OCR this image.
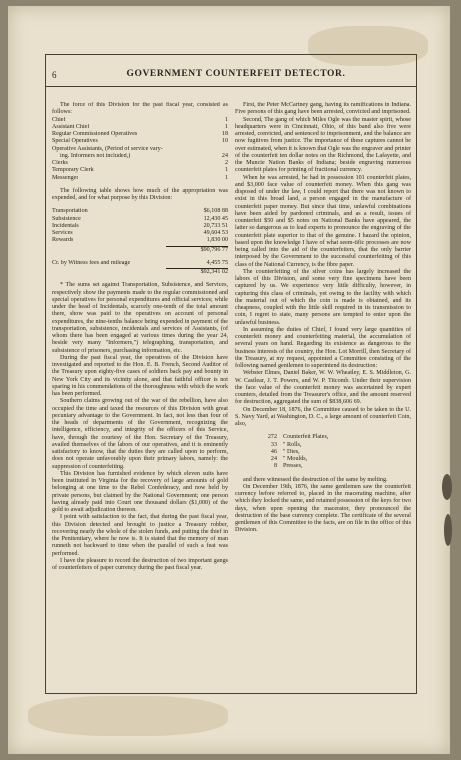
6	GOVERNMENT COUNTERFEIT DETECTOR.

The force of this Division for the past fiscal year, consisted as follows:

Chief	1
Assistant Chief	1
Regular Commissioned Operatives	18
Special Operatives	10
Operative Assistants, (Period of service vary-
ing. Informers not included,)	24
Clerks	2
Temporary Clerk	1
Messenger	1

The following table shows how much of the appropriation was expended, and for what purpose by this Division:

Transportation	$6,108 88
Subsistence	12,430 45
Incidentals	20,733 51
Services	49,604 53
Rewards	1,830 00
$90,796 77
Cr. by Witness fees and mileage	4,455 75
$92,341 02

* The sums set against Transportation, Subsistence, and Services, respectively show the payments made to the regular commissioned and special operatives for personal expenditures and official services; while under the head of Incidentals, scarcely one-tenth of the total amount there, show was paid to the operatives on account of personal expenditures, the nine-tenths balance being expended in payment of the transportation, subsistence, incidentals and services of Assistants, (of whom there has been engaged at various times during the year 24, beside very many "Informers,") telegraphing, transportation, and subsistence of prisoners, purchasing information, etc.

During the past fiscal year, the operatives of the Division have investigated and reported to the Hon. E. B. French, Second Auditor of the Treasury upon eighty-five cases of soldiers back pay and bounty in New York City and its vicinity alone, and that faithful officer is not sparing in his commendations of the thoroughness with which the work has been performed.

Southern claims growing out of the war of the rebellion, have also occupied the time and taxed the resources of this Division with great pecuniary advantage to the Government. In fact, not less than four of the heads of departments of the Government, recognizing the intelligence, efficiency, and integrity of the officers of this Service, have, through the courtesy of the Hon. Secretary of the Treasury, availed themselves of the labors of our operatives, and it is eminently satisfactory to know, that the duties they are called upon to perform, does not operate unfavorably upon their primary labors, namely: the suppression of counterfeiting.

This Division has furnished evidence by which eleven suits have been instituted in Virginia for the recovery of large amounts of gold belonging at one time to the Rebel Confederacy, and now held by private persons, but claimed by the National Government; one person having already paid into Court one thousand dollars ($1,000) of the gold to await adjudication thereon.

I point with satisfaction to the fact, that during the past fiscal year, this Division detected and brought to justice a Treasury robber, recovering nearly the whole of the stolen funds, and putting the thief in the Penitentiary, where he now is. It is stated that the memory of man runneth not backward to time when the parallel of such a feat was performed.

I have the pleasure to record the destruction of two important gangs of counterfeiters of paper currency during the past fiscal year.

First, the Peter McCartney gang, having its ramifications in Indiana. Five persons of this gang have been arrested, convicted and imprisoned.

Second, The gang of which Miles Ogle was the master spirit, whose headquarters were in Cincinnati, Ohio, of this band also five were arrested, convicted, and sentenced to imprisonment, and the balance are now fugitives from justice. The importance of these captures cannot be over estimated, when it is known that Ogle was the engraver and printer of the counterfeit ten dollar notes on the Richmond, the Lafayette, and the Muncie Nation Banks of Indiana; beside engraving numerous counterfeit plates for printing of fractional currency.

When he was arrested, he had in possession 101 counterfeit plates, and $3,000 face value of counterfeit money. When this gang was disposed of under the law, I could report that there was not known to exist in this broad land, a person engaged in the manufacture of counterfeit paper money. But since that time, unlawful combinations have been aided by pardoned criminals, and as a result, issues of counterfeit $50 and $5 notes on National Banks have appeared, the latter so dangerous as to lead experts to pronounce the engraving of the counterfeit plate superior to that of the genuine. I hazard the opinion, based upon the knowledge I have of what seem-tific processes are now being called into the aid of the counterfeiters, that the only barrier interposed by the Government to the successful counterfeiting of this class of the National Currency, is the fibre paper.

The counterfeiting of the silver coins has largely increased the labors of this Division, and some very fine specimens have been captured by us. We experience very little difficulty, however, in capturing this class of criminals, yet owing to the facility with which the material out of which the coin is made is obtained, and its cheapness, coupled with the little skill required in its transmission to coin, I regret to state, many persons are tempted to enter upon the unlawful business.

In assuming the duties of Chief, I found very large quantities of counterfeit money and counterfeiting material, the accumulation of several years on hand. Regarding its existence as dangerous to the business interests of the country, the Hon. Lot Morrill, then Secretary of the Treasury, at my request, appointed a Committee consisting of the following named gentlemen to superintend its destruction:

Webster Elmes, Daniel Baker, W. W. Wheatley, E. S. Middleton, G. W. Casilear, J. T. Powers, and W. P. Titcomb. Under their supervision the face value of the counterfeit money was ascertained by expert counters, detailed from the Treasurer's office, and the amount reserved for destruction, aggregated the sum of $838,606 69.

On December 18, 1876, the Committee caused to be taken to the U. S. Navy Yard, at Washington, D. C., a large amount of counterfeit Coin, also,

272 Counterfeit Plates,
33 " Rolls,
46 " Dies,
24 " Moulds,
8 Presses,

and there witnessed the destruction of the same by melting.

On December 19th, 1876, the same gentlemen saw the counterfeit currency before referred to, placed in the macerating machine, after which they locked the same, and retained possession of the keys for two days, when upon opening the macerator, they pronounced the destruction of the base currency complete. The certificate of the several gentlemen of this Committee to the facts, are on file in the office of this Division.
